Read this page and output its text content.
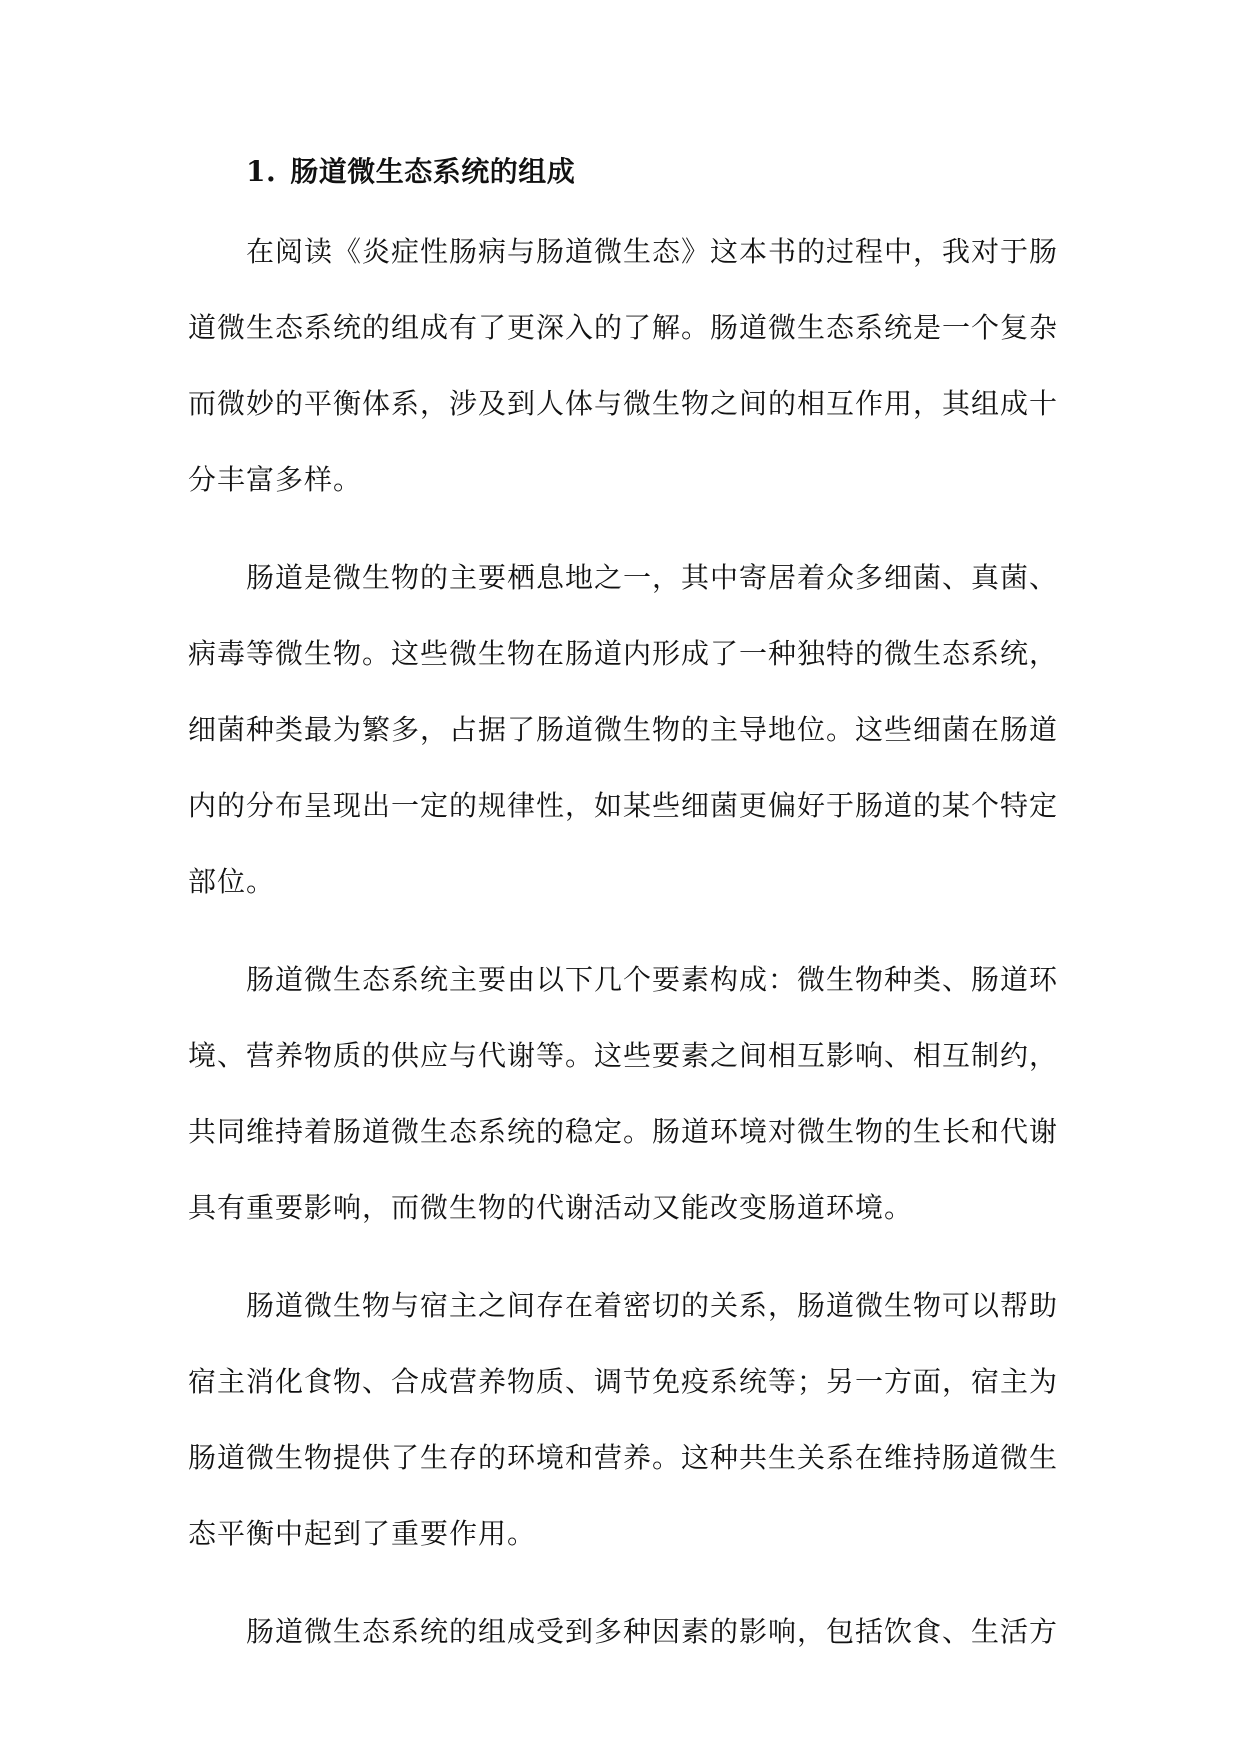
1. 肠道微生态系统的组成

在阅读《炎症性肠病与肠道微生态》这本书的过程中，我对于肠道微生态系统的组成有了更深入的了解。肠道微生态系统是一个复杂而微妙的平衡体系，涉及到人体与微生物之间的相互作用，其组成十分丰富多样。

肠道是微生物的主要栖息地之一，其中寄居着众多细菌、真菌、病毒等微生物。这些微生物在肠道内形成了一种独特的微生态系统，细菌种类最为繁多，占据了肠道微生物的主导地位。这些细菌在肠道内的分布呈现出一定的规律性，如某些细菌更偏好于肠道的某个特定部位。

肠道微生态系统主要由以下几个要素构成：微生物种类、肠道环境、营养物质的供应与代谢等。这些要素之间相互影响、相互制约，共同维持着肠道微生态系统的稳定。肠道环境对微生物的生长和代谢具有重要影响，而微生物的代谢活动又能改变肠道环境。

肠道微生物与宿主之间存在着密切的关系，肠道微生物可以帮助宿主消化食物、合成营养物质、调节免疫系统等；另一方面，宿主为肠道微生物提供了生存的环境和营养。这种共生关系在维持肠道微生态平衡中起到了重要作用。

肠道微生态系统的组成受到多种因素的影响，包括饮食、生活方
